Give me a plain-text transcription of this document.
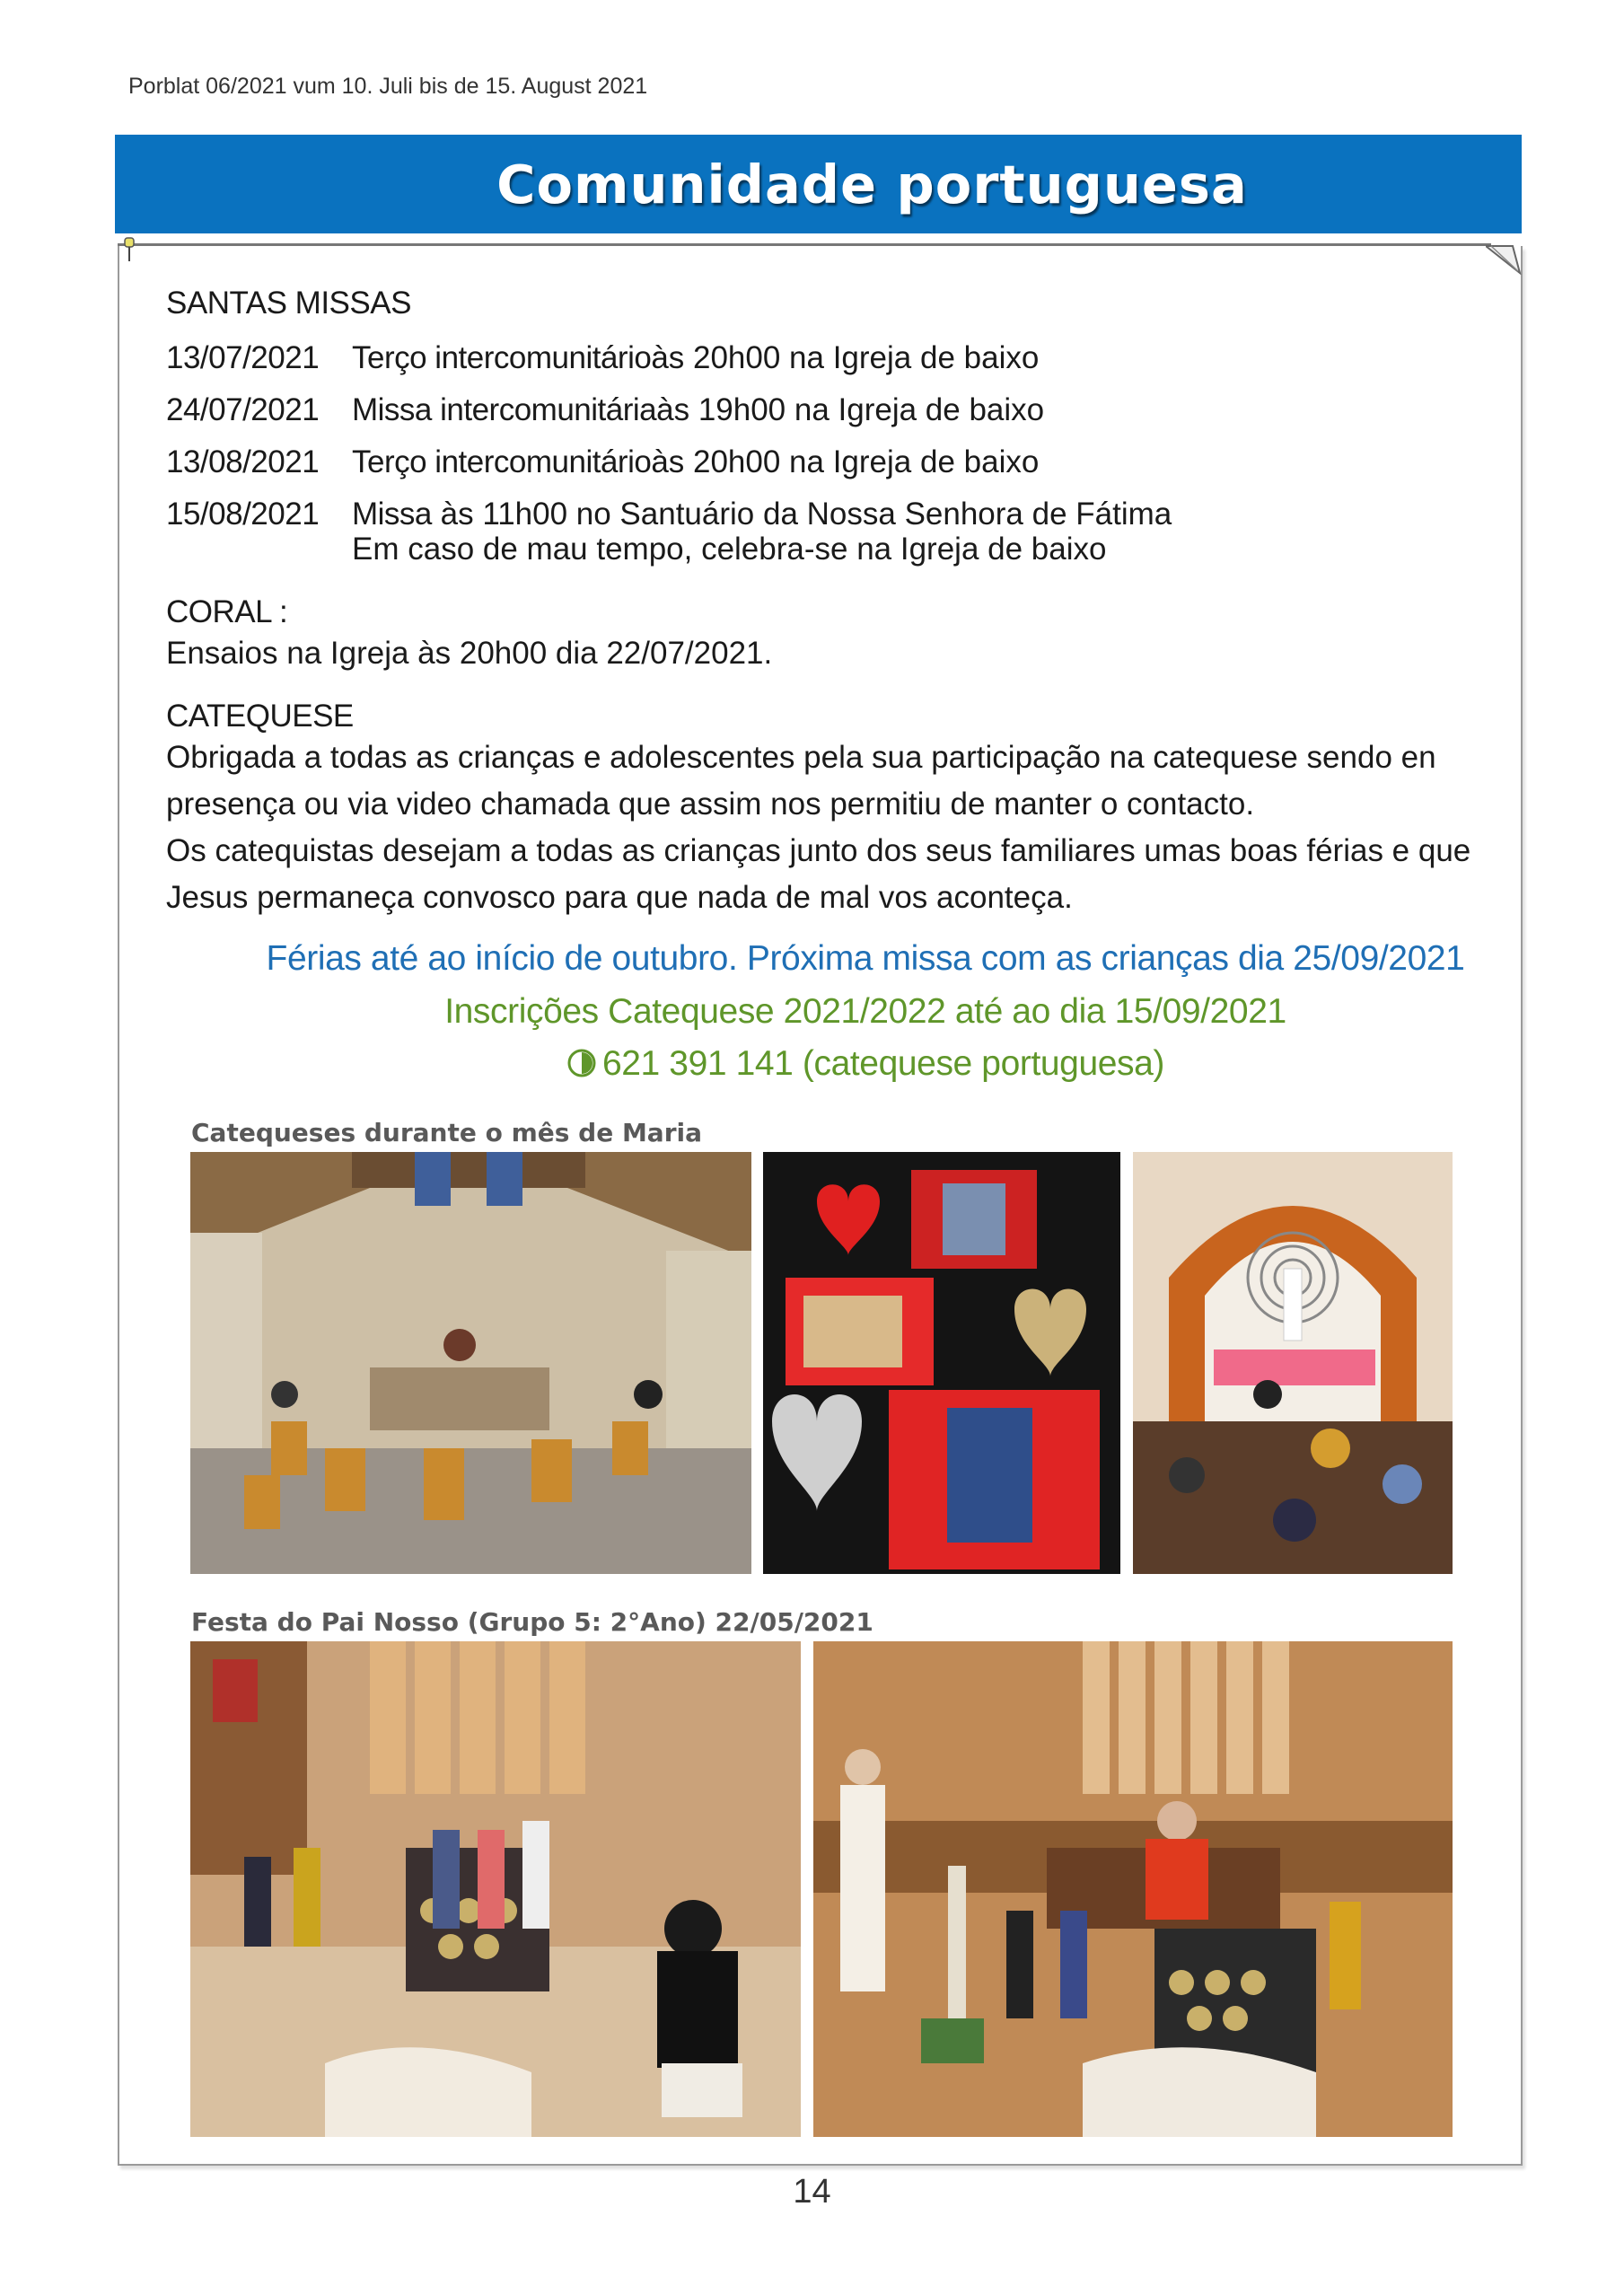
Porblat 06/2021 vum 10. Juli bis de 15. August 2021
Comunidade portuguesa
SANTAS MISSAS
13/07/2021	Terço intercomunitário às 20h00 na Igreja de baixo
24/07/2021	Missa intercomunitária às 19h00 na Igreja de baixo
13/08/2021	Terço intercomunitário às 20h00 na Igreja de baixo
15/08/2021	Missa às 11h00 no Santuário da Nossa Senhora de Fátima
Em caso de mau tempo, celebra-se na Igreja de baixo
CORAL :
Ensaios na Igreja às 20h00 dia 22/07/2021.
CATEQUESE
Obrigada a todas as crianças e adolescentes pela sua participação na catequese sendo en
presença ou via video chamada que assim nos permitiu de manter o contacto.
Os catequistas desejam a todas as crianças junto dos seus familiares umas boas férias e que
Jesus permaneça convosco para que nada de mal vos aconteça.
Férias até ao início de outubro. Próxima missa com as crianças dia 25/09/2021
Inscrições Catequese 2021/2022 até ao dia 15/09/2021
621 391 141 (catequese portuguesa)
Catequeses durante o mês de Maria
Festa do Pai Nosso (Grupo 5: 2°Ano) 22/05/2021
14
